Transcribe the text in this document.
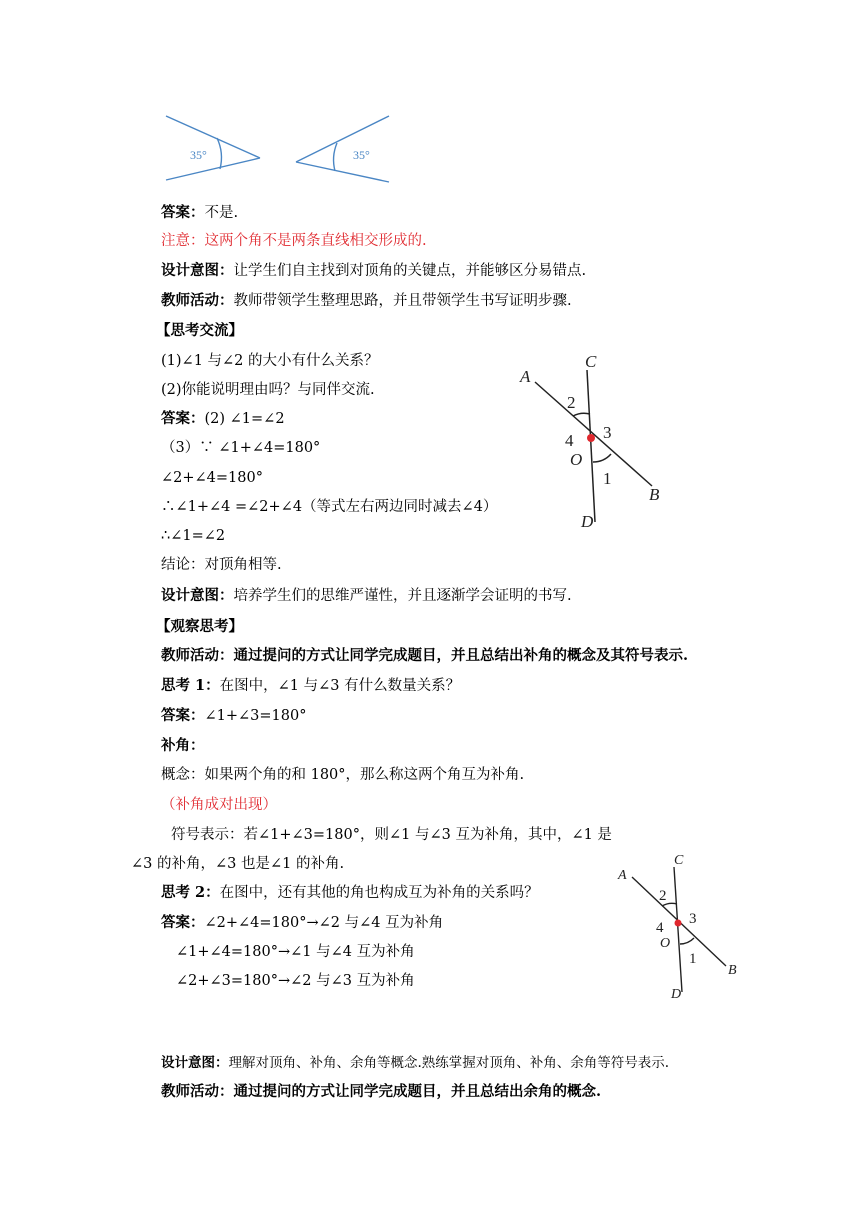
35°	35°
答案：不是.
注意：这两个角不是两条直线相交形成的.
设计意图：让学生们自主找到对顶角的关键点，并能够区分易错点.
教师活动：教师带领学生整理思路，并且带领学生书写证明步骤.
【思考交流】
(1)∠1 与∠2 的大小有什么关系？
(2)你能说明理由吗？与同伴交流.
答案：(2) ∠1=∠2
（3）∵ ∠1+∠4=180°
∠2+∠4=180°
∴∠1+∠4 =∠2+∠4（等式左右两边同时减去∠4）
∴∠1=∠2
结论：对顶角相等.
设计意图：培养学生们的思维严谨性，并且逐渐学会证明的书写.
A
C
B
D
O
2
4 3
1
【观察思考】
教师活动：通过提问的方式让同学完成题目，并且总结出补角的概念及其符号表示.
思考 1：在图中，∠1 与∠3 有什么数量关系？
答案：∠1+∠3=180°
补角：
概念：如果两个角的和 180°，那么称这两个角互为补角.
（补角成对出现）
符号表示：若∠1+∠3=180°，则∠1 与∠3 互为补角，其中，∠1 是
∠3 的补角，∠3 也是∠1 的补角.
思考 2：在图中，还有其他的角也构成互为补角的关系吗？
答案：∠2+∠4=180°→∠2 与∠4 互为补角
∠1+∠4=180°→∠1 与∠4 互为补角
∠2+∠3=180°→∠2 与∠3 互为补角
A
C
B
D
O
2
4
3
1
设计意图：理解对顶角、补角、余角等概念.熟练掌握对顶角、补角、余角等符号表示.
教师活动：通过提问的方式让同学完成题目，并且总结出余角的概念.
